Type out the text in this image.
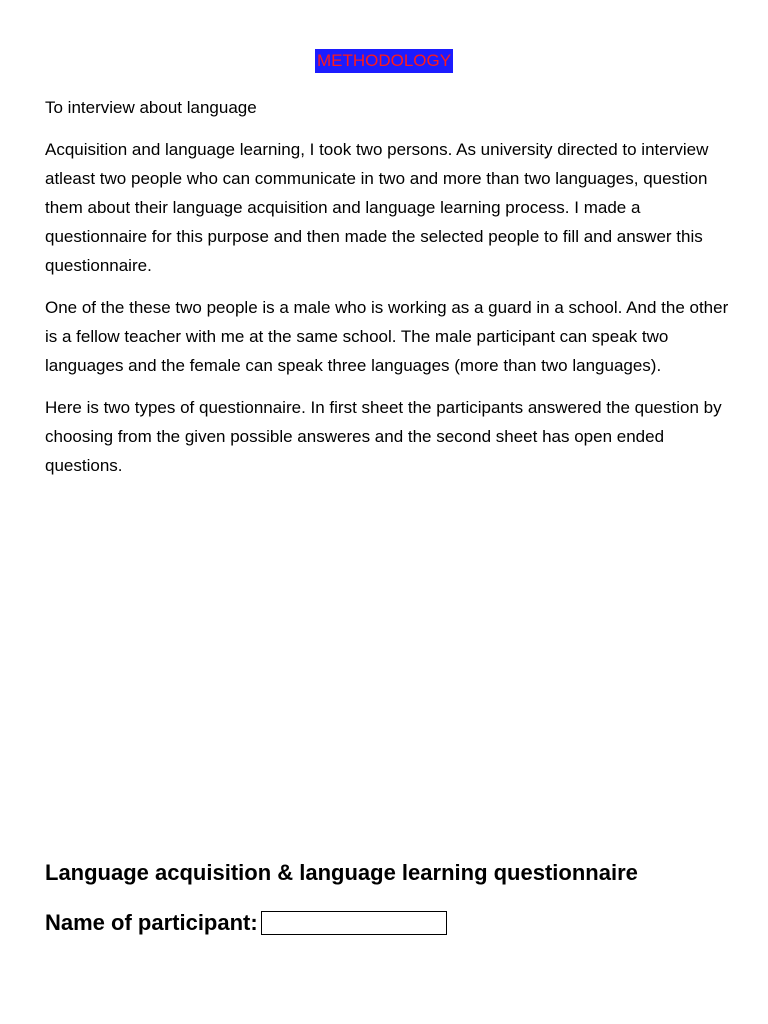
METHODOLOGY

To interview about language

Acquisition and language learning, I took two persons. As university directed to interview atleast two people who can communicate in two and more than two languages, question them about their language acquisition and language learning process. I made a questionnaire for this purpose and then made the selected people to fill and answer this questionnaire.

One of the these two people is a male who is working as a guard in a school. And the other is a fellow teacher with me at the same school. The male participant can speak two languages and the female can speak three languages (more than two languages).

Here is two types of questionnaire. In first sheet the participants answered the question by choosing from the given possible answeres and the second sheet has open ended questions.

Language acquisition & language learning questionnaire
Name of participant:
